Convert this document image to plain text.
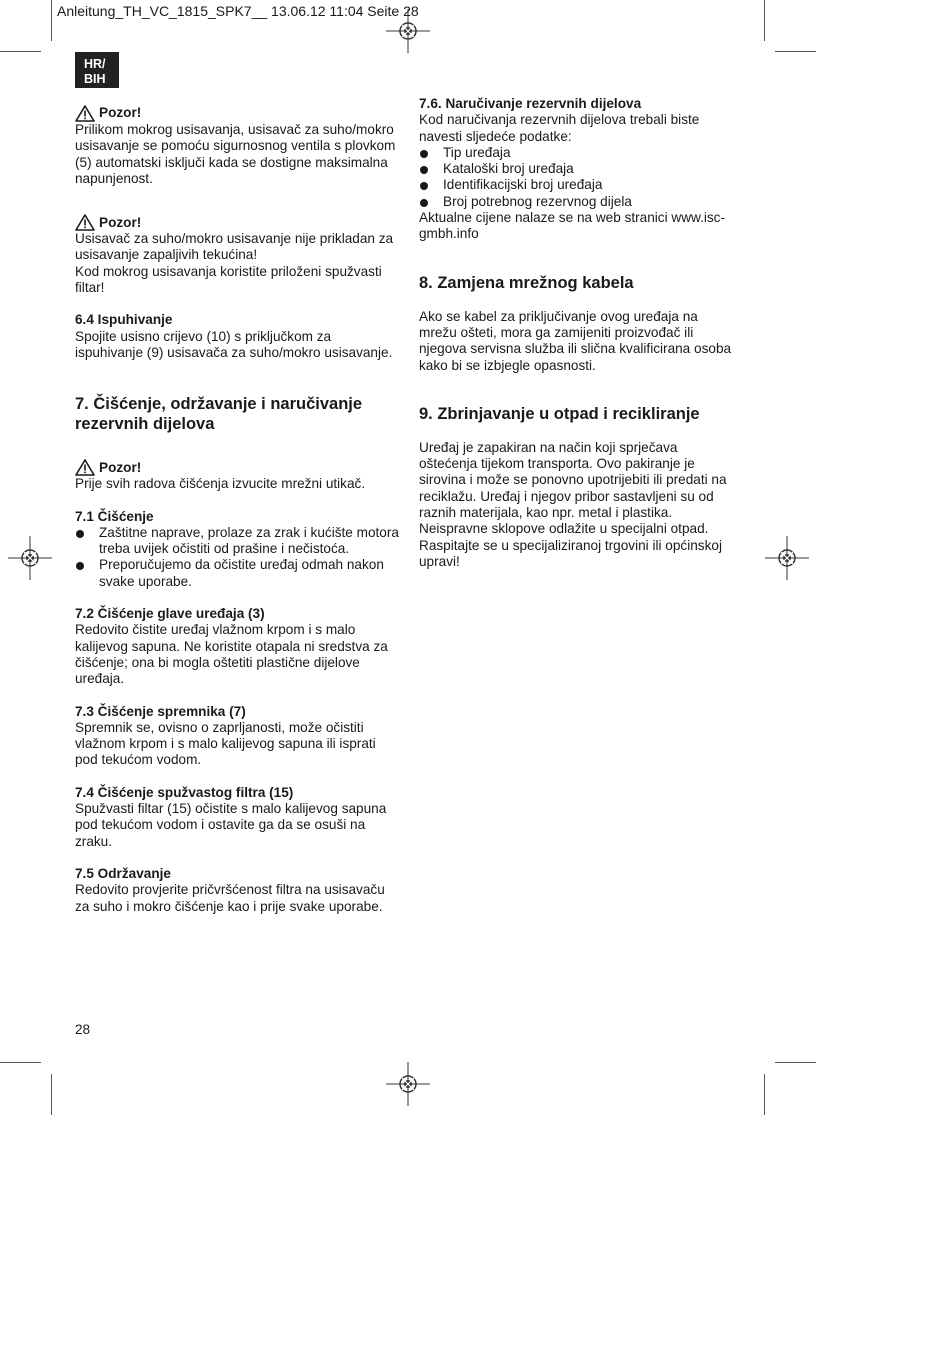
Anleitung_TH_VC_1815_SPK7__ 13.06.12 11:04 Seite 28
HR/
BIH
Pozor!

Prilikom mokrog usisavanja, usisavač za suho/mokro usisavanje se pomoću sigurnosnog ventila s plovkom (5) automatski isključi kada se dostigne maksimalna napunjenost.

Pozor!

Usisavač za suho/mokro usisavanje nije prikladan za usisavanje zapaljivih tekućina!

Kod mokrog usisavanja koristite priloženi spužvasti filtar!

6.4 Ispuhivanje

Spojite usisno crijevo (10) s priključkom za ispuhivanje (9) usisavača za suho/mokro usisavanje.

7. Čišćenje, održavanje i naručivanje rezervnih dijelova

Pozor!

Prije svih radova čišćenja izvucite mrežni utikač.

7.1 Čišćenje

Zaštitne naprave, prolaze za zrak i kućište motora treba uvijek očistiti od prašine i nečistoća.
Preporučujemo da očistite uređaj odmah nakon svake uporabe.

7.2 Čišćenje glave uređaja (3)

Redovito čistite uređaj vlažnom krpom i s malo kalijevog sapuna. Ne koristite otapala ni sredstva za čišćenje; ona bi mogla oštetiti plastične dijelove uređaja.

7.3 Čišćenje spremnika (7)

Spremnik se, ovisno o zaprljanosti, može očistiti vlažnom krpom i s malo kalijevog sapuna ili isprati pod tekućom vodom.

7.4 Čišćenje spužvastog filtra (15)

Spužvasti filtar (15) očistite s malo kalijevog sapuna pod tekućom vodom i ostavite ga da se osuši na zraku.

7.5 Održavanje

Redovito provjerite pričvršćenost filtra na usisavaču za suho i mokro čišćenje kao i prije svake uporabe.

7.6. Naručivanje rezervnih dijelova

Kod naručivanja rezervnih dijelova trebali biste navesti sljedeće podatke:

Tip uređaja
Kataloški broj uređaja
Identifikacijski broj uređaja
Broj potrebnog rezervnog dijela

Aktualne cijene nalaze se na web stranici www.isc-gmbh.info

8. Zamjena mrežnog kabela

Ako se kabel za priključivanje ovog uređaja na mrežu ošteti, mora ga zamijeniti proizvođač ili njegova servisna služba ili slična kvalificirana osoba kako bi se izbjegle opasnosti.

9. Zbrinjavanje u otpad i recikliranje

Uređaj je zapakiran na način koji sprječava oštećenja tijekom transporta. Ovo pakiranje je sirovina i može se ponovno upotrijebiti ili predati na reciklažu. Uređaj i njegov pribor sastavljeni su od raznih materijala, kao npr. metal i plastika. Neispravne sklopove odlažite u specijalni otpad. Raspitajte se u specijaliziranoj trgovini ili općinskoj upravi!

28
